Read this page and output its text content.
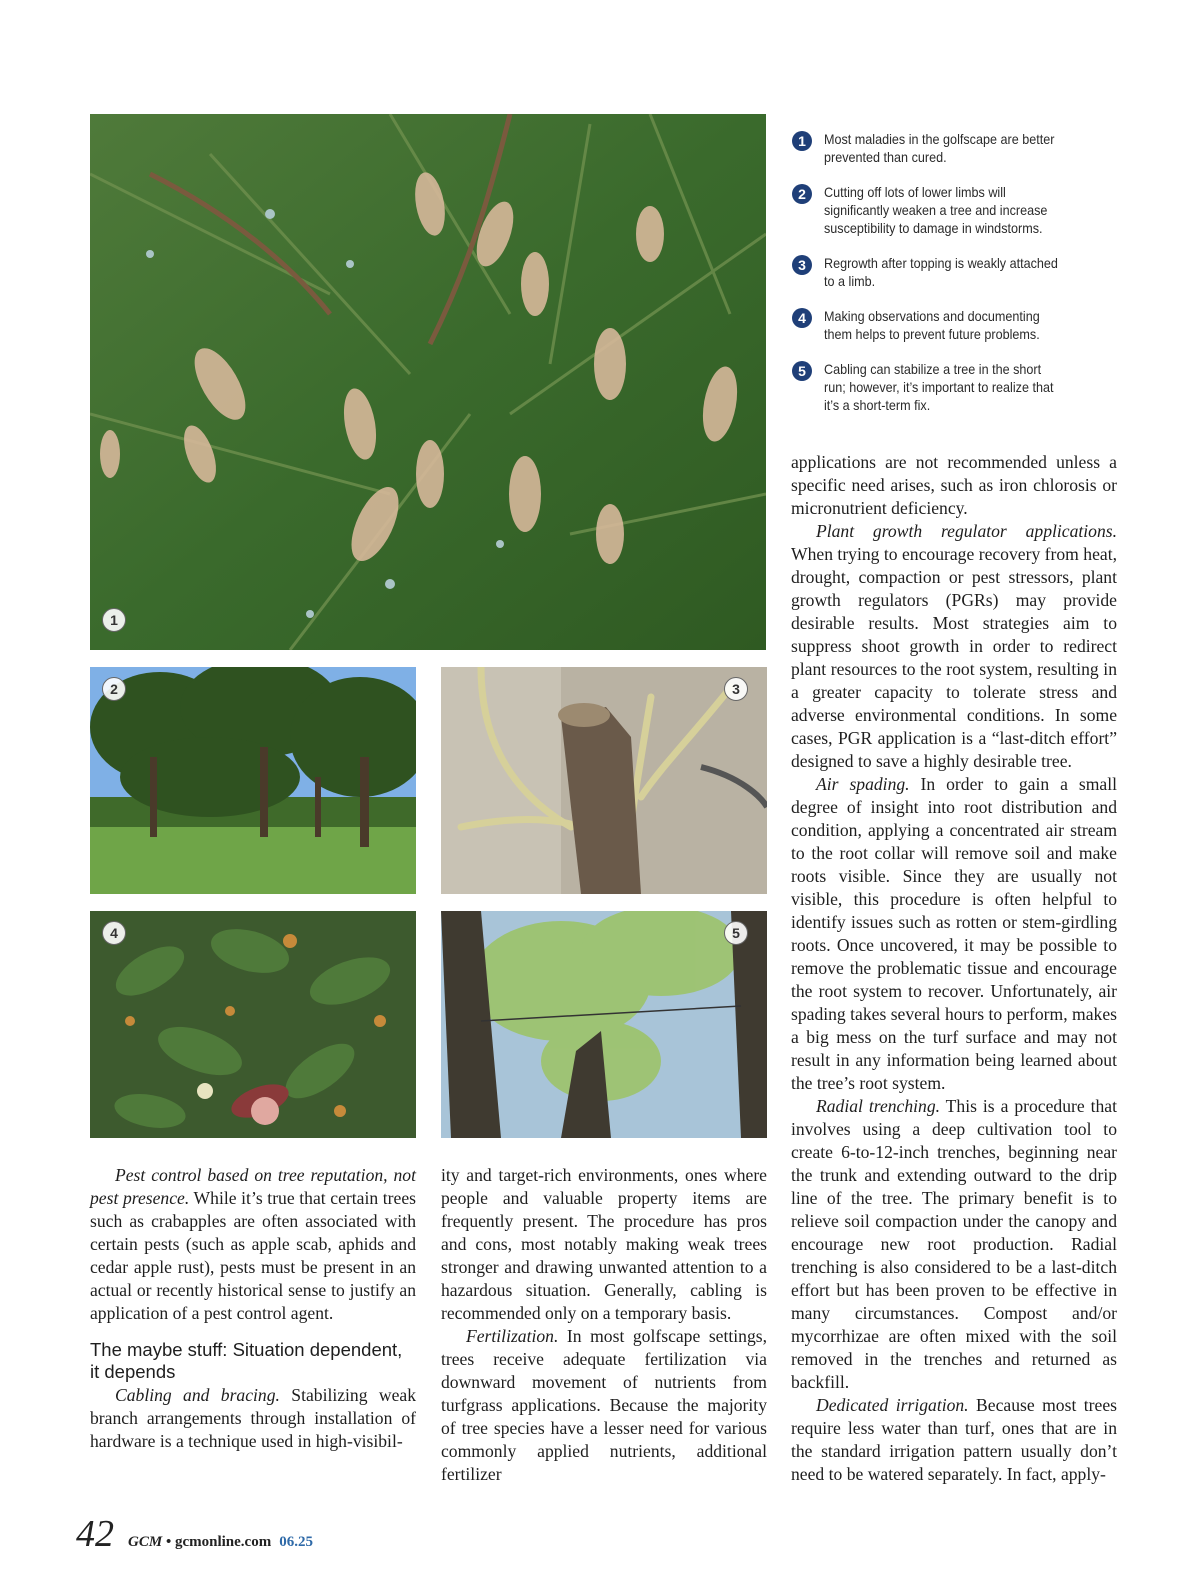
1
2	3
4	5
1	Most maladies in the golfscape are better prevented than cured.
2	Cutting off lots of lower limbs will significantly weaken a tree and increase susceptibility to damage in windstorms.
3	Regrowth after topping is weakly attached to a limb.
4	Making observations and documenting them helps to prevent future problems.
5	Cabling can stabilize a tree in the short run; however, it’s important to realize that it’s a short-term fix.

Pest control based on tree reputation, not pest presence. While it’s true that certain trees such as crabapples are often associated with certain pests (such as apple scab, aphids and cedar apple rust), pests must be present in an actual or recently historical sense to justify an application of a pest control agent.

The maybe stuff: Situation dependent, it depends

Cabling and bracing. Stabilizing weak branch arrangements through installation of hardware is a technique used in high-visibil-

ity and target-rich environments, ones where people and valuable property items are frequently present. The procedure has pros and cons, most notably making weak trees stronger and drawing unwanted attention to a hazardous situation. Generally, cabling is recommended only on a temporary basis.

Fertilization. In most golfscape settings, trees receive adequate fertilization via downward movement of nutrients from turfgrass applications. Because the majority of tree species have a lesser need for various commonly applied nutrients, additional fertilizer

applications are not recommended unless a specific need arises, such as iron chlorosis or micronutrient deficiency.

Plant growth regulator applications. When trying to encourage recovery from heat, drought, compaction or pest stressors, plant growth regulators (PGRs) may provide desirable results. Most strategies aim to suppress shoot growth in order to redirect plant resources to the root system, resulting in a greater capacity to tolerate stress and adverse environmental conditions. In some cases, PGR application is a “last-ditch effort” designed to save a highly desirable tree.

Air spading. In order to gain a small degree of insight into root distribution and condition, applying a concentrated air stream to the root collar will remove soil and make roots visible. Since they are usually not visible, this procedure is often helpful to identify issues such as rotten or stem-girdling roots. Once uncovered, it may be possible to remove the problematic tissue and encourage the root system to recover. Unfortunately, air spading takes several hours to perform, makes a big mess on the turf surface and may not result in any information being learned about the tree’s root system.

Radial trenching. This is a procedure that involves using a deep cultivation tool to create 6-to-12-inch trenches, beginning near the trunk and extending outward to the drip line of the tree. The primary benefit is to relieve soil compaction under the canopy and encourage new root production. Radial trenching is also considered to be a last-ditch effort but has been proven to be effective in many circumstances. Compost and/or mycorrhizae are often mixed with the soil removed in the trenches and returned as backfill.

Dedicated irrigation. Because most trees require less water than turf, ones that are in the standard irrigation pattern usually don’t need to be watered separately. In fact, apply-

42 GCM • gcmonline.com 06.25
